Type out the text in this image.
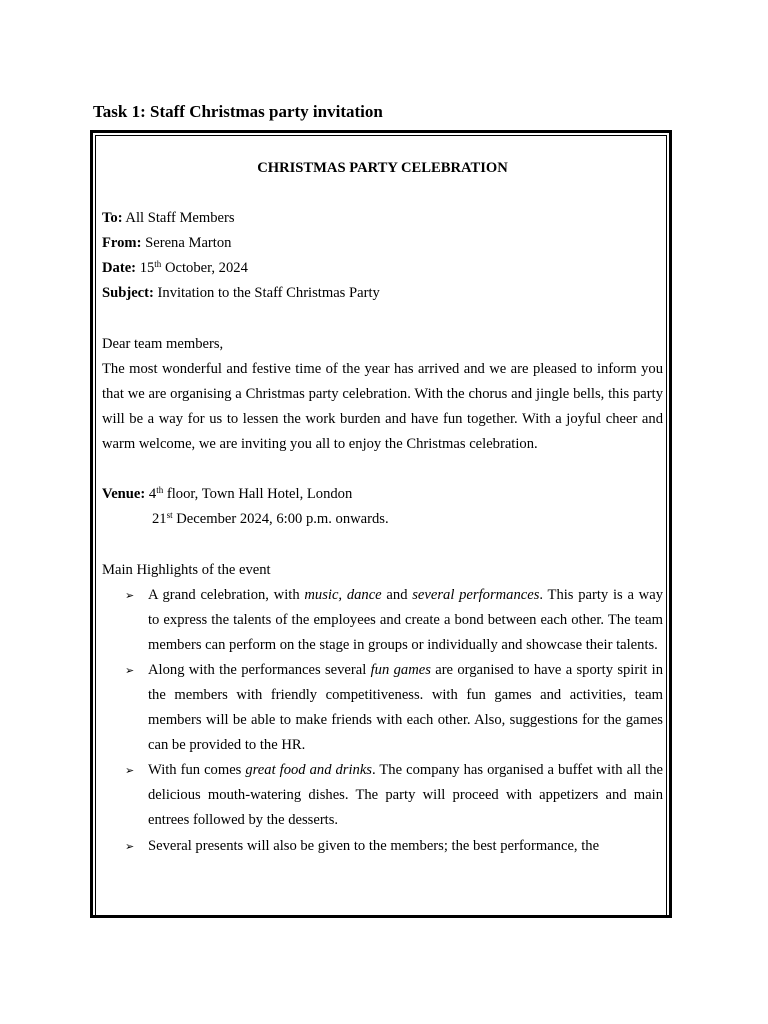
Task 1: Staff Christmas party invitation
CHRISTMAS PARTY CELEBRATION
To: All Staff Members
From: Serena Marton
Date: 15th October, 2024
Subject: Invitation to the Staff Christmas Party
Dear team members,
The most wonderful and festive time of the year has arrived and we are pleased to inform you that we are organising a Christmas party celebration. With the chorus and jingle bells, this party will be a way for us to lessen the work burden and have fun together. With a joyful cheer and warm welcome, we are inviting you all to enjoy the Christmas celebration.
Venue: 4th floor, Town Hall Hotel, London
21st December 2024, 6:00 p.m. onwards.
Main Highlights of the event
➢ A grand celebration, with music, dance and several performances. This party is a way to express the talents of the employees and create a bond between each other. The team members can perform on the stage in groups or individually and showcase their talents.
➢ Along with the performances several fun games are organised to have a sporty spirit in the members with friendly competitiveness. with fun games and activities, team members will be able to make friends with each other. Also, suggestions for the games can be provided to the HR.
➢ With fun comes great food and drinks. The company has organised a buffet with all the delicious mouth-watering dishes. The party will proceed with appetizers and main entrees followed by the desserts.
➢ Several presents will also be given to the members; the best performance, the
